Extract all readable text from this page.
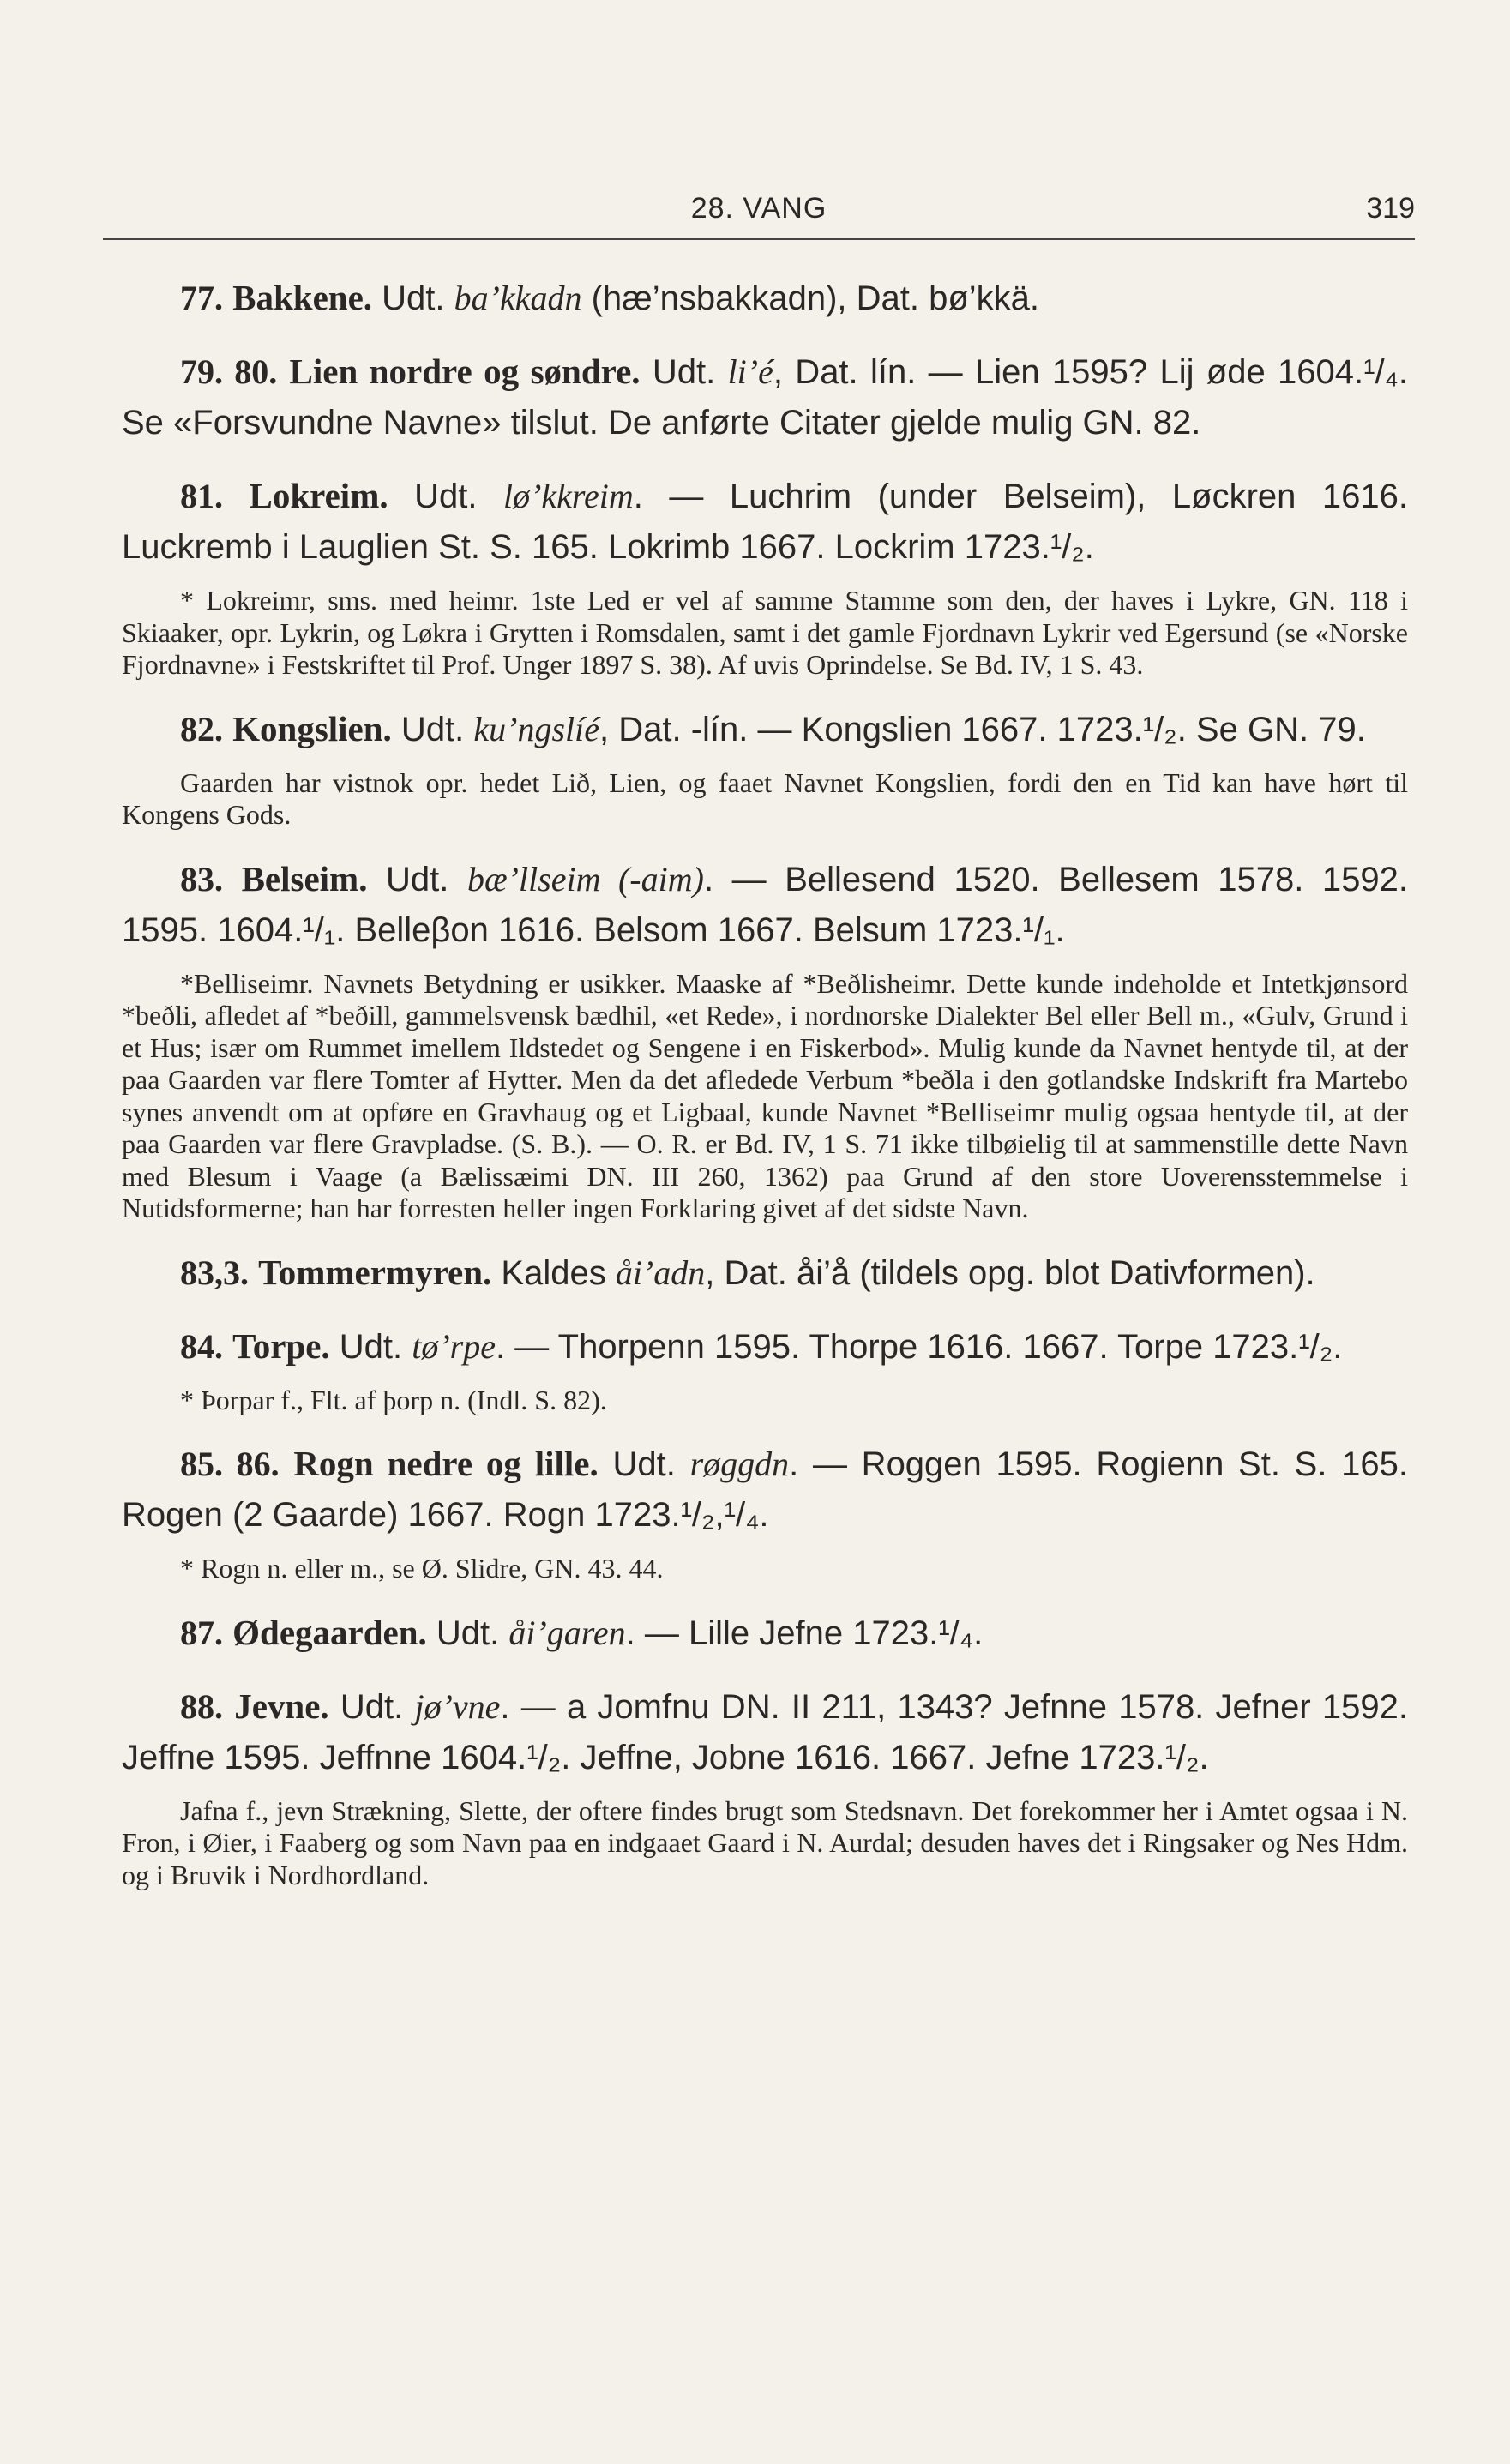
28. VANG	319

77. Bakkene. Udt. ba’kkadn (hæ’nsbakkadn), Dat. bø’kkä.

79. 80. Lien nordre og søndre. Udt. li’é, Dat. lín. — Lien 1595? Lij øde 1604.¹/₄. Se «Forsvundne Navne» tilslut. De anførte Citater gjelde mulig GN. 82.

81. Lokreim. Udt. lø’kkreim. — Luchrim (under Belseim), Løckren 1616. Luckremb i Lauglien St. S. 165. Lokrimb 1667. Lockrim 1723.¹/₂.

* Lokreimr, sms. med heimr. 1ste Led er vel af samme Stamme som den, der haves i Lykre, GN. 118 i Skiaaker, opr. Lykrin, og Løkra i Grytten i Romsdalen, samt i det gamle Fjordnavn Lykrir ved Egersund (se «Norske Fjordnavne» i Festskriftet til Prof. Unger 1897 S. 38). Af uvis Oprindelse. Se Bd. IV, 1 S. 43.

82. Kongslien. Udt. ku’ngslíé, Dat. -lín. — Kongslien 1667. 1723.¹/₂. Se GN. 79.

Gaarden har vistnok opr. hedet Lið, Lien, og faaet Navnet Kongslien, fordi den en Tid kan have hørt til Kongens Gods.

83. Belseim. Udt. bæ’llseim (-aim). — Bellesend 1520. Bellesem 1578. 1592. 1595. 1604.¹/₁. Belleβon 1616. Belsom 1667. Belsum 1723.¹/₁.

*Belliseimr. Navnets Betydning er usikker. Maaske af *Beðlisheimr. Dette kunde indeholde et Intetkjønsord *beðli, afledet af *beðill, gammelsvensk bædhil, «et Rede», i nordnorske Dialekter Bel eller Bell m., «Gulv, Grund i et Hus; især om Rummet imellem Ildstedet og Sengene i en Fiskerbod». Mulig kunde da Navnet hentyde til, at der paa Gaarden var flere Tomter af Hytter. Men da det afledede Verbum *beðla i den gotlandske Indskrift fra Martebo synes anvendt om at opføre en Gravhaug og et Ligbaal, kunde Navnet *Belliseimr mulig ogsaa hentyde til, at der paa Gaarden var flere Gravpladse. (S. B.). — O. R. er Bd. IV, 1 S. 71 ikke tilbøielig til at sammenstille dette Navn med Blesum i Vaage (a Bælissæimi DN. III 260, 1362) paa Grund af den store Uoverensstemmelse i Nutidsformerne; han har forresten heller ingen Forklaring givet af det sidste Navn.

83,3. Tommermyren. Kaldes åi’adn, Dat. åi’å (tildels opg. blot Dativformen).

84. Torpe. Udt. tø’rpe. — Thorpenn 1595. Thorpe 1616. 1667. Torpe 1723.¹/₂.

* Þorpar f., Flt. af þorp n. (Indl. S. 82).

85. 86. Rogn nedre og lille. Udt. røggdn. — Roggen 1595. Rogienn St. S. 165. Rogen (2 Gaarde) 1667. Rogn 1723.¹/₂,¹/₄.

* Rogn n. eller m., se Ø. Slidre, GN. 43. 44.

87. Ødegaarden. Udt. åi’garen. — Lille Jefne 1723.¹/₄.

88. Jevne. Udt. jø’vne. — a Jomfnu DN. II 211, 1343? Jefnne 1578. Jefner 1592. Jeffne 1595. Jeffnne 1604.¹/₂. Jeffne, Jobne 1616. 1667. Jefne 1723.¹/₂.

Jafna f., jevn Strækning, Slette, der oftere findes brugt som Stedsnavn. Det forekommer her i Amtet ogsaa i N. Fron, i Øier, i Faaberg og som Navn paa en indgaaet Gaard i N. Aurdal; desuden haves det i Ringsaker og Nes Hdm. og i Bruvik i Nordhordland.
